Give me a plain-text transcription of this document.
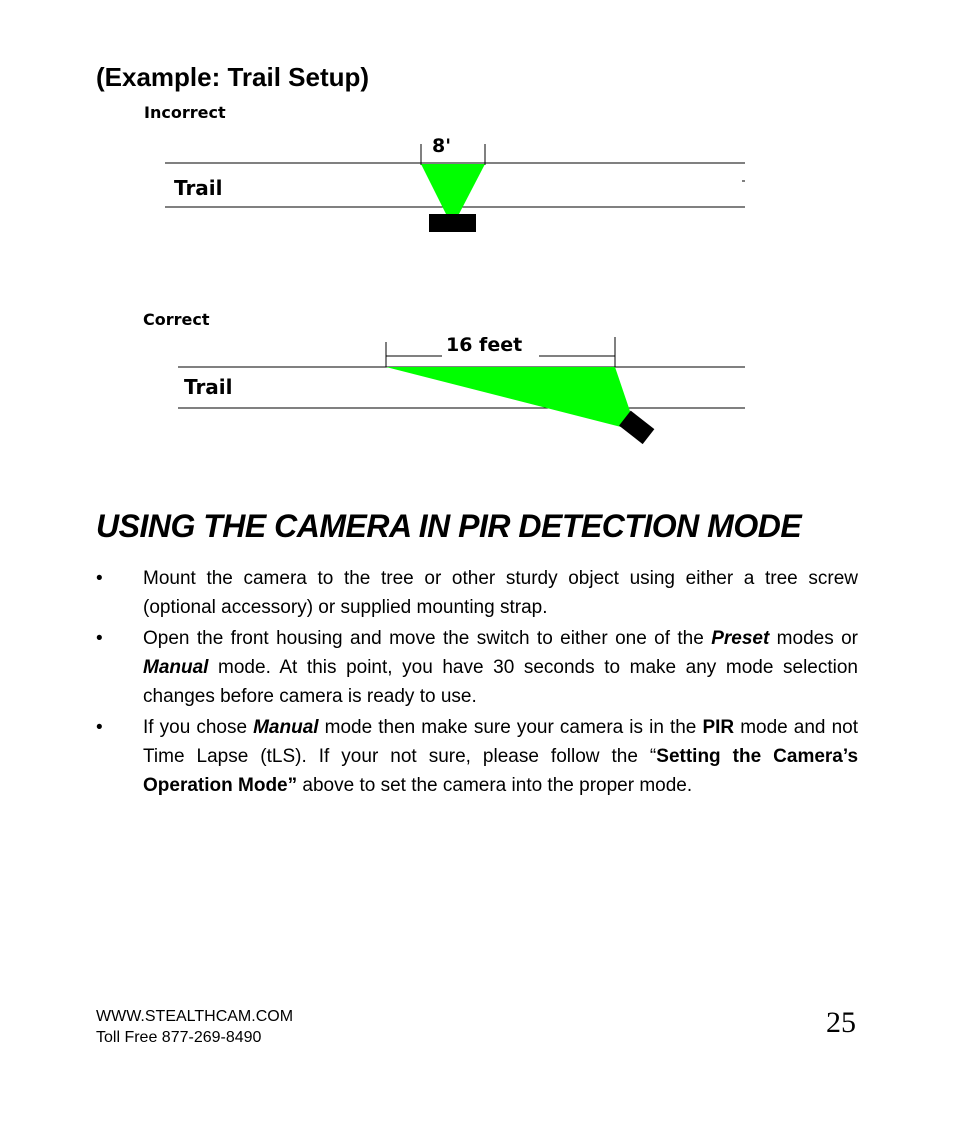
(Example: Trail Setup)
Incorrect
Correct
Trail
8'
Trail
16 feet
USING THE CAMERA IN PIR DETECTION MODE
• Mount the camera to the tree or other sturdy object using either a tree screw (optional accessory) or supplied mounting strap.
• Open the front housing and move the switch to either one of the Preset modes or Manual mode. At this point, you have 30 seconds to make any mode selection changes before camera is ready to use.
• If you chose Manual mode then make sure your camera is in the PIR mode and not Time Lapse (tLS). If your not sure, please follow the “Setting the Camera’s Operation Mode” above to set the camera into the proper mode.
WWW.STEALTHCAM.COM
Toll Free 877-269-8490	25
